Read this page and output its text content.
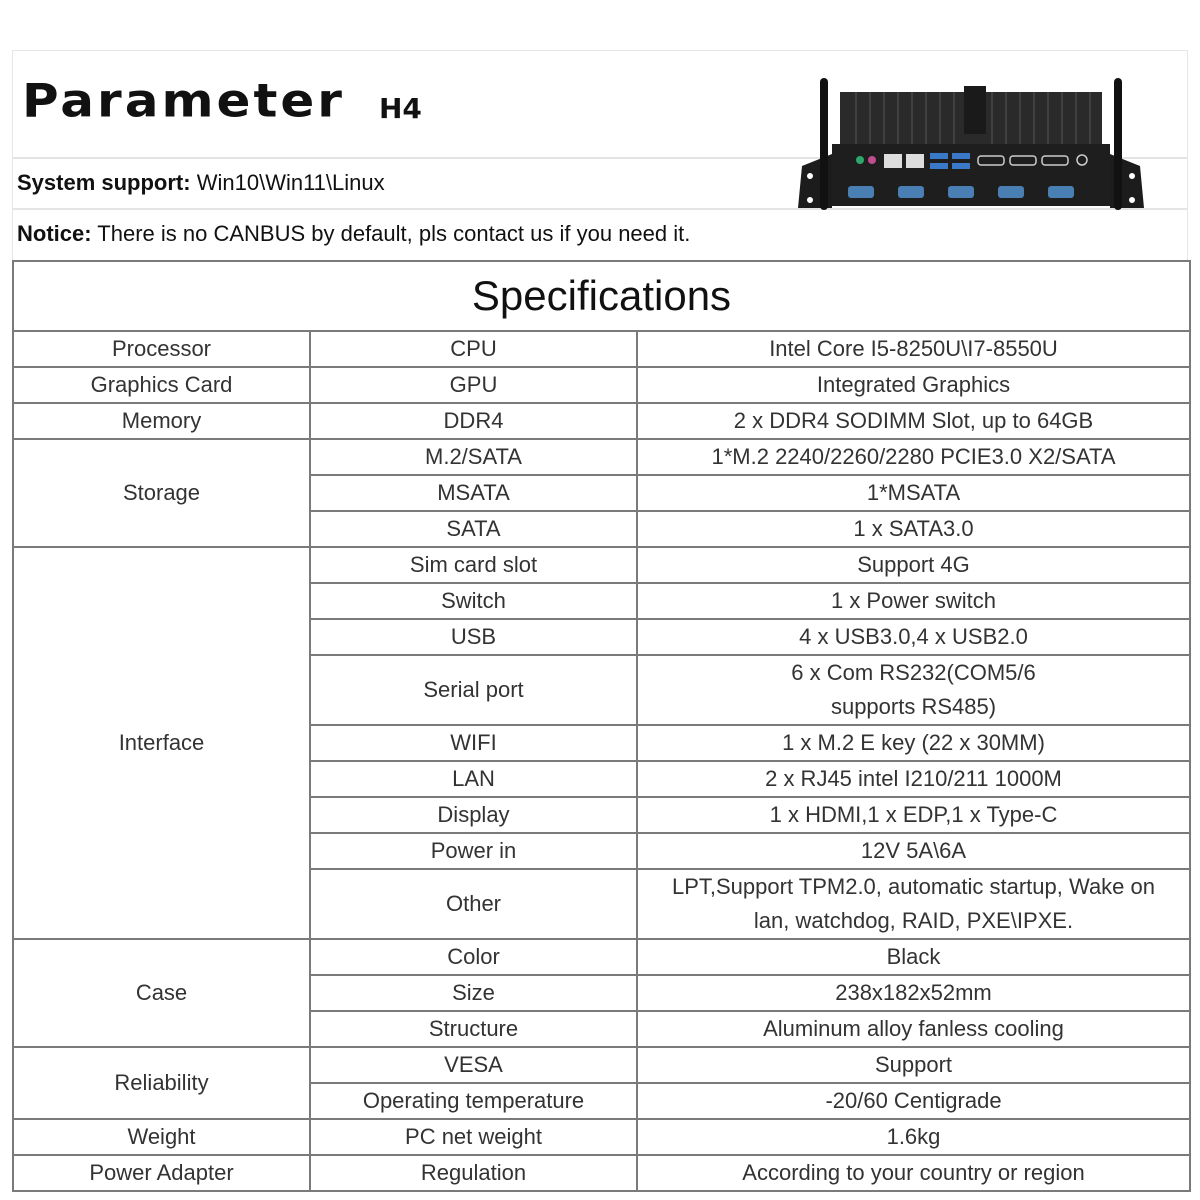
Parameter H4
System support: Win10\Win11\Linux
Notice: There is no CANBUS by default, pls contact us if you need it.
Specifications		
Processor	CPU	Intel Core I5-8250U\I7-8550U
Graphics Card	GPU	Integrated Graphics
Memory	DDR4	2 x DDR4 SODIMM Slot, up to 64GB
Storage	M.2/SATA	1*M.2 2240/2260/2280 PCIE3.0 X2/SATA
	MSATA	1*MSATA
	SATA	1 x SATA3.0
Interface	Sim card slot	Support 4G
	Switch	1 x Power switch
	USB	4 x USB3.0,4 x USB2.0
	Serial port	6 x Com RS232(COM5/6
supports RS485)

	WIFI	1 x M.2 E key (22 x 30MM)
	LAN	2 x RJ45 intel I210/211 1000M
	Display	1 x HDMI,1 x EDP,1 x Type-C
	Power in	12V 5A\6A
	Other	LPT,Support TPM2.0, automatic startup, Wake on
lan, watchdog, RAID, PXE\IPXE.

Case	Color	Black
	Size	238x182x52mm
	Structure	Aluminum alloy fanless cooling
Reliability	VESA	Support
	Operating temperature	-20/60 Centigrade
Weight	PC net weight	1.6kg
Power Adapter	Regulation	According to your country or region
